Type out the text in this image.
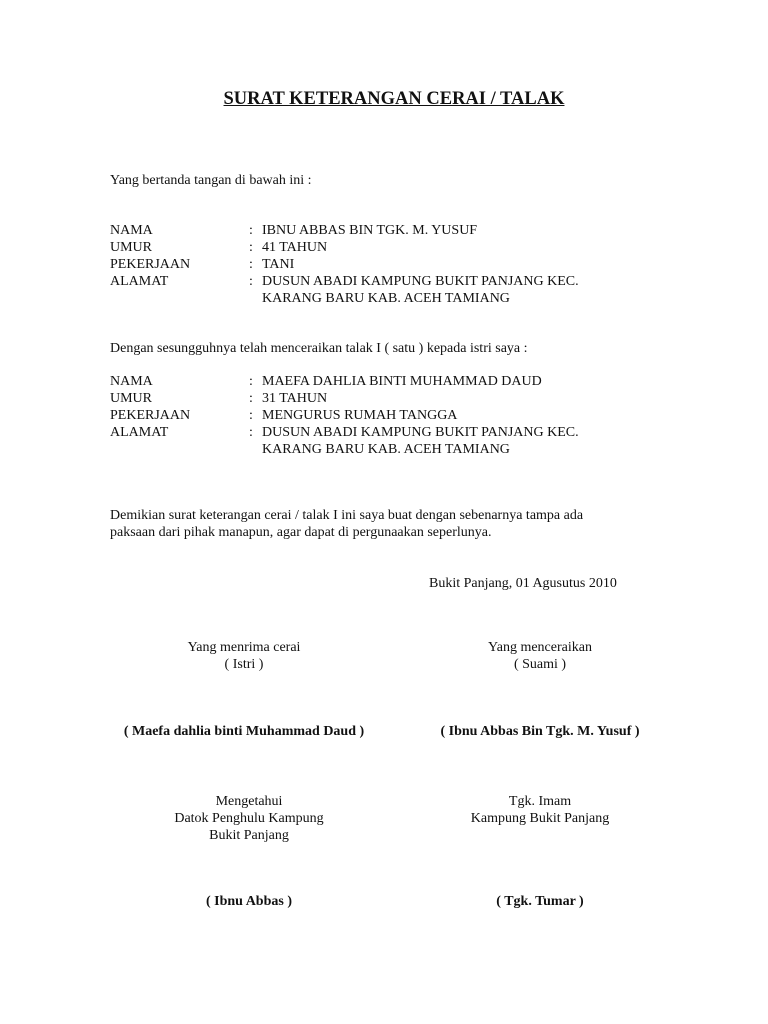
SURAT KETERANGAN CERAI / TALAK
Yang bertanda tangan di bawah ini :
NAMA	: IBNU ABBAS BIN TGK. M. YUSUF
UMUR	: 41 TAHUN
PEKERJAAN	: TANI
ALAMAT	: DUSUN ABADI KAMPUNG BUKIT PANJANG KEC.
KARANG BARU KAB. ACEH TAMIANG
Dengan sesungguhnya telah menceraikan talak I ( satu ) kepada istri saya :
NAMA	: MAEFA DAHLIA BINTI MUHAMMAD DAUD
UMUR	: 31 TAHUN
PEKERJAAN	: MENGURUS RUMAH TANGGA
ALAMAT	: DUSUN ABADI KAMPUNG BUKIT PANJANG KEC.
KARANG BARU KAB. ACEH TAMIANG
Demikian surat keterangan cerai / talak I ini saya buat dengan sebenarnya tampa ada
paksaan dari pihak manapun, agar dapat di pergunaakan seperlunya.
Bukit Panjang, 01 Agusutus 2010
Yang menrima cerai
( Istri )
Yang menceraikan
( Suami )
( Maefa dahlia binti Muhammad Daud )	( Ibnu Abbas Bin Tgk. M. Yusuf )
Mengetahui
Datok Penghulu Kampung
Bukit Panjang
Tgk. Imam
Kampung Bukit Panjang
( Ibnu Abbas )	( Tgk. Tumar )
